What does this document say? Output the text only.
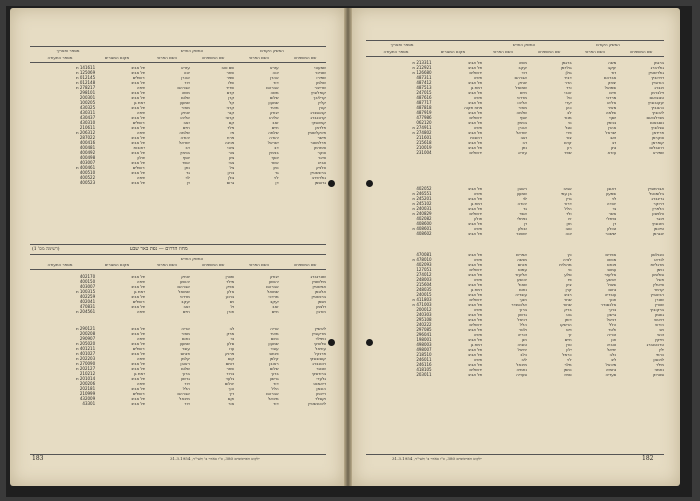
המשק הקודם
המשק החדש
מספר ותאריך
שם המשפחה
השם הפרטי
שם המשפחה
השם הפרטי
מקום המגורים
מספר התעודה
שמעוני
עזרא
שם טוב
עזרא
תל אביב
141611 ת
שטיינר
יונה
שחר
יונה
תל אביב
125069 ת
שפירו
אהרן
שפר
אהרן
ירושלים
012145 ת
שולמן
דוד
שלו
דוד
תל אביב
012148 ת
שרייבר
אברהם
שריר
אברהם
חיפה
278217 ת
קופלוביץ
משה
קדם
משה
תל אביב
298101
קרליבך
שלום
קרן
שלום
תל אביב
200301
קליין
שמעון
קל
שמעון
רמת גן
100205
קורן
מאיר
קרני
מאיר
תל אביב
430325
קניגסברג
יצחק
קנר
יצחק
חיפה
430311
קרוננברג
אליהו
קרוני
אליהו
תל אביב
430437
קמינסקי
זאב
קם
זאב
ירושלים
430310
פלדמן
חיים
פלד
חיים
תל אביב
210611
פינקלשטיין
שלמה
פז
שלמה
חיפה
206312 ת
פישר
יהודה
פרח
יהודה
תל אביב
287022
פרלמוטר
ישראל
פנינה
ישראל
תל אביב
400416
צימרמן
דב
ציוני
דב
רחובות
400481
צוקר
בנימין
צור
בנימין
תל אביב
400492
צייגר
יוסף
ציון
יוסף
חולון
400498
צבייג
אשר
צבי
אשר
תל אביב
403007
צלניק
נתן
צל
נתן
ירושלים
400461 ת
ברונשטיין
גד
ברון
גד
תל אביב
400510
גולדפרב
לוי
גולן
לוי
חיפה
400522
גרוסמן
דן
גרוס
דן
תל אביב
400523
מחוז הדרום — נפת באר שבע
(רשימה מס' 1)
המשק החדש
שם המשפחה
השם הפרטי
שם המשפחה
השם הפרטי
מקום המגורים
מספר התעודה
שטרנברג
יצחק
שטרן
יצחק
תל אביב
402170
מילשטיין
יהושע
מילר
יהושע
חיפה
400150
אפשטיין
אברהם
אפק
אברהם
תל אביב
403007
אלטמן
שמואל
אלון
שמואל
רמת גן
100315 ת
ברנשטיין
מרדכי
ברנע
מרדכי
תל אביב
402259
ויסמן
יעקב
ויס
יעקב
ירושלים
402041
זלצמן
זאב
זל
זאב
תל אביב
470831
חורגין
חיים
חורן
חיים
חיפה
204561 ת
ליבשיץ
אריה
לב
אריה
תל אביב
290121 ת
מרקוביץ
מאיר
מרק
מאיר
תל אביב
200208
נויפלד
נחום
נוי
נחום
חיפה
290907
סלוצקי
שמעון
סלע
שמעון
תל אביב
205020 ת
עוזיאל
עובד
עוז
עובד
ירושלים
401211 ת
פרנקל
פנחס
פרנק
פנחס
תל אביב
401027 ת
קוסובסקי
קלמן
קוס
קלמן
חיפה
202203 ת
רוטנברג
ראובן
רותם
ראובן
תל אביב
270090 ת
שכטר
שלום
שחר
שלום
תל אביב
202127 ת
ברודסקי
ברוך
ברוד
ברוך
רמת גן
210212
גלעדי
גרשון
גלעד
גרשון
תל אביב
201014 ת
דיאמנט
דוד
יהלום
דוד
חיפה
200206
הוכמן
הלל
הוך
הלל
תל אביב
202181
רייכמן
אברהם
ריך
אברהם
ירושלים
210999
וקסלר
מיכאל
וקס
מיכאל
תל אביב
432009
ליכטנשטיין
דוד
אור
דוד
תל אביב
43301
ילקוט הפרסומים 380, כ"ו באדר ב' תשי"ד, 31.3.1954
183
המשק הקודם
המשק החדש
מספר ותאריך
שם המשפחה
השם הפרטי
שם המשפחה
השם הפרטי
מקום המגורים
מספר התעודה
ברגמן
משה
ברגמן
משה
תל אביב
213311 ת
גולדברג
יעקב
גולדמן
יעקב
תל אביב
212921 ת
גולדשטיין
דוד
גולן
דוד
ירושלים
126680 ת
דוידוביץ
אברהם
דביר
אברהם
חיפה
487311
הורוביץ
יצחק
הדר
יצחק
תל אביב
487412
וינברג
שמואל
ורד
שמואל
רמת גן
487513
זילברמן
חיים
זהבי
חיים
תל אביב
247015
טננבאום
מרדכי
טל
מרדכי
חיפה
487616
יעקובוביץ
אליהו
יערי
אליהו
תל אביב
487717
כהנוביץ
מאיר
כהן
מאיר
פתח תקוה
487818
ליבוביץ
שלמה
לב
שלמה
תל אביב
487919
מנדלבאום
יוסף
מנור
יוסף
ירושלים
477986
נוסבאום
בנימין
נוי
בנימין
תל אביב
062120
סגלוביץ
אהרן
סגל
אהרן
חיפה
274911 ת
פרידמן
ישראל
פרי
ישראל
תל אביב
274802 ת
צוקרמן
זאב
צור
זאב
רחובות
211601
קופרמן
דב
קדם
דב
תל אביב
215618
רוזנבלום
נתן
רון
נתן
תל אביב
210019
שפירא
עזרא
שפר
עזרא
ירושלים
231004
אברמוביץ
ראובן
אביב
ראובן
תל אביב
402052
בלומנטל
שמעון
בן עמי
שמעון
חיפה
246551 ת
גרינברג
לוי
גרין
לוי
תל אביב
245201 ת
דרוקר
יהודה
דרור
יהודה
רמת גן
245102 ת
הלפרין
גד
הלל
גד
תל אביב
240031 ת
וולפסון
אשר
ולד
אשר
ירושלים
240829 ת
זינגר
נפתלי
זיו
נפתלי
חולון
402082
חזנוביץ
דן
חזן
דן
תל אביב
408600
טייכמן
זבולון
טוב
זבולון
חיפה
408601 ת
יונגרמן
יששכר
יונה
יששכר
תל אביב
408602
כצנלסון
אפרים
כץ
אפרים
תל אביב
470081
לנדאו
מנשה
לנדה
מנשה
חיפה
478010 ת
מרגליות
פנחס
מרגלית
פנחס
תל אביב
402093
נוימן
עמוס
נוי
עמוס
ירושלים
127051
סולומון
אליעזר
סלע
אליעזר
תל אביב
274012
פוגל
יהושע
פז
יהושע
חיפה
248003
צייטלין
שאול
ציון
שאול
תל אביב
215604
קרמר
נחום
קרן
נחום
רמת גן
248035
רבינוביץ
עובדיה
רביב
עובדיה
תל אביב
240015
שטרן
חנוך
שחר
חנוך
ירושלים
411803 ת
שוורץ
אלכסנדר
שחור
אלכסנדר
תל אביב
471003 ת
ברקוביץ
ברוך
ברק
ברוך
חיפה
200012
גוטמן
גרשון
גוט
גרשון
תל אביב
240303
דויטש
דניאל
דותן
דניאל
תל אביב
295108
הירש
הלל
הרשקו
הלל
ירושלים
240222
ויס
ולטר
וייס
ולטר
תל אביב
297085
זכאי
זכריה
זך
זכריה
חיפה
296041
חייקין
חנן
חיים
חנן
תל אביב
198001
טרכטנברג
טוביה
טרן
טוביה
רמת גן
498003
ילין
יחיאל
ילון
יחיאל
תל אביב
498007
כרמי
כלב
כרמל
כלב
תל אביב
218510
לוינסון
ליב
לוי
ליב
חיפה
246011
מילר
מיכאל
מלר
מיכאל
תל אביב
246116
נחמני
נחמיה
נחמן
נחמיה
ירושלים
418105
סטרוק
סעדיה
סתיו
סעדיה
תל אביב
203011
ילקוט הפרסומים 380, כ"ו באדר ב' תשי"ד, 31.3.1954	182
